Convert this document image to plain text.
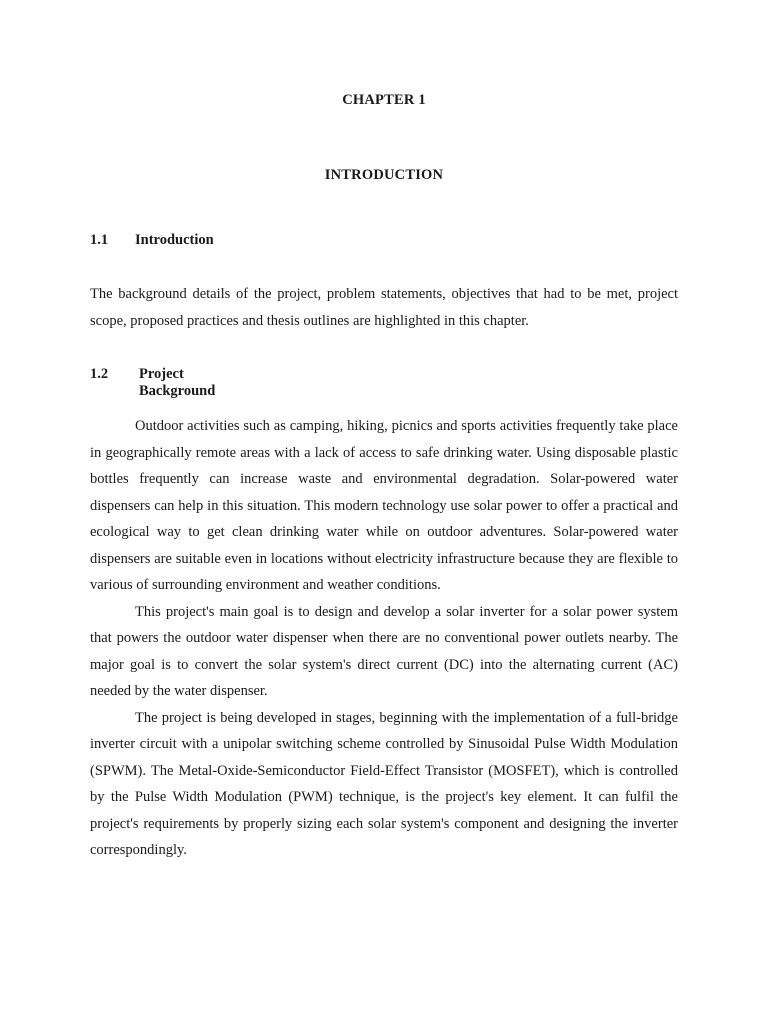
CHAPTER 1
INTRODUCTION
1.1 Introduction

The background details of the project, problem statements, objectives that had to be met, project scope, proposed practices and thesis outlines are highlighted in this chapter.

1.2 Project Background

Outdoor activities such as camping, hiking, picnics and sports activities frequently take place in geographically remote areas with a lack of access to safe drinking water. Using disposable plastic bottles frequently can increase waste and environmental degradation. Solar-powered water dispensers can help in this situation. This modern technology use solar power to offer a practical and ecological way to get clean drinking water while on outdoor adventures. Solar-powered water dispensers are suitable even in locations without electricity infrastructure because they are flexible to various of surrounding environment and weather conditions.

This project's main goal is to design and develop a solar inverter for a solar power system that powers the outdoor water dispenser when there are no conventional power outlets nearby. The major goal is to convert the solar system's direct current (DC) into the alternating current (AC) needed by the water dispenser.

The project is being developed in stages, beginning with the implementation of a full-bridge inverter circuit with a unipolar switching scheme controlled by Sinusoidal Pulse Width Modulation (SPWM). The Metal-Oxide-Semiconductor Field-Effect Transistor (MOSFET), which is controlled by the Pulse Width Modulation (PWM) technique, is the project's key element. It can fulfil the project's requirements by properly sizing each solar system's component and designing the inverter correspondingly.
